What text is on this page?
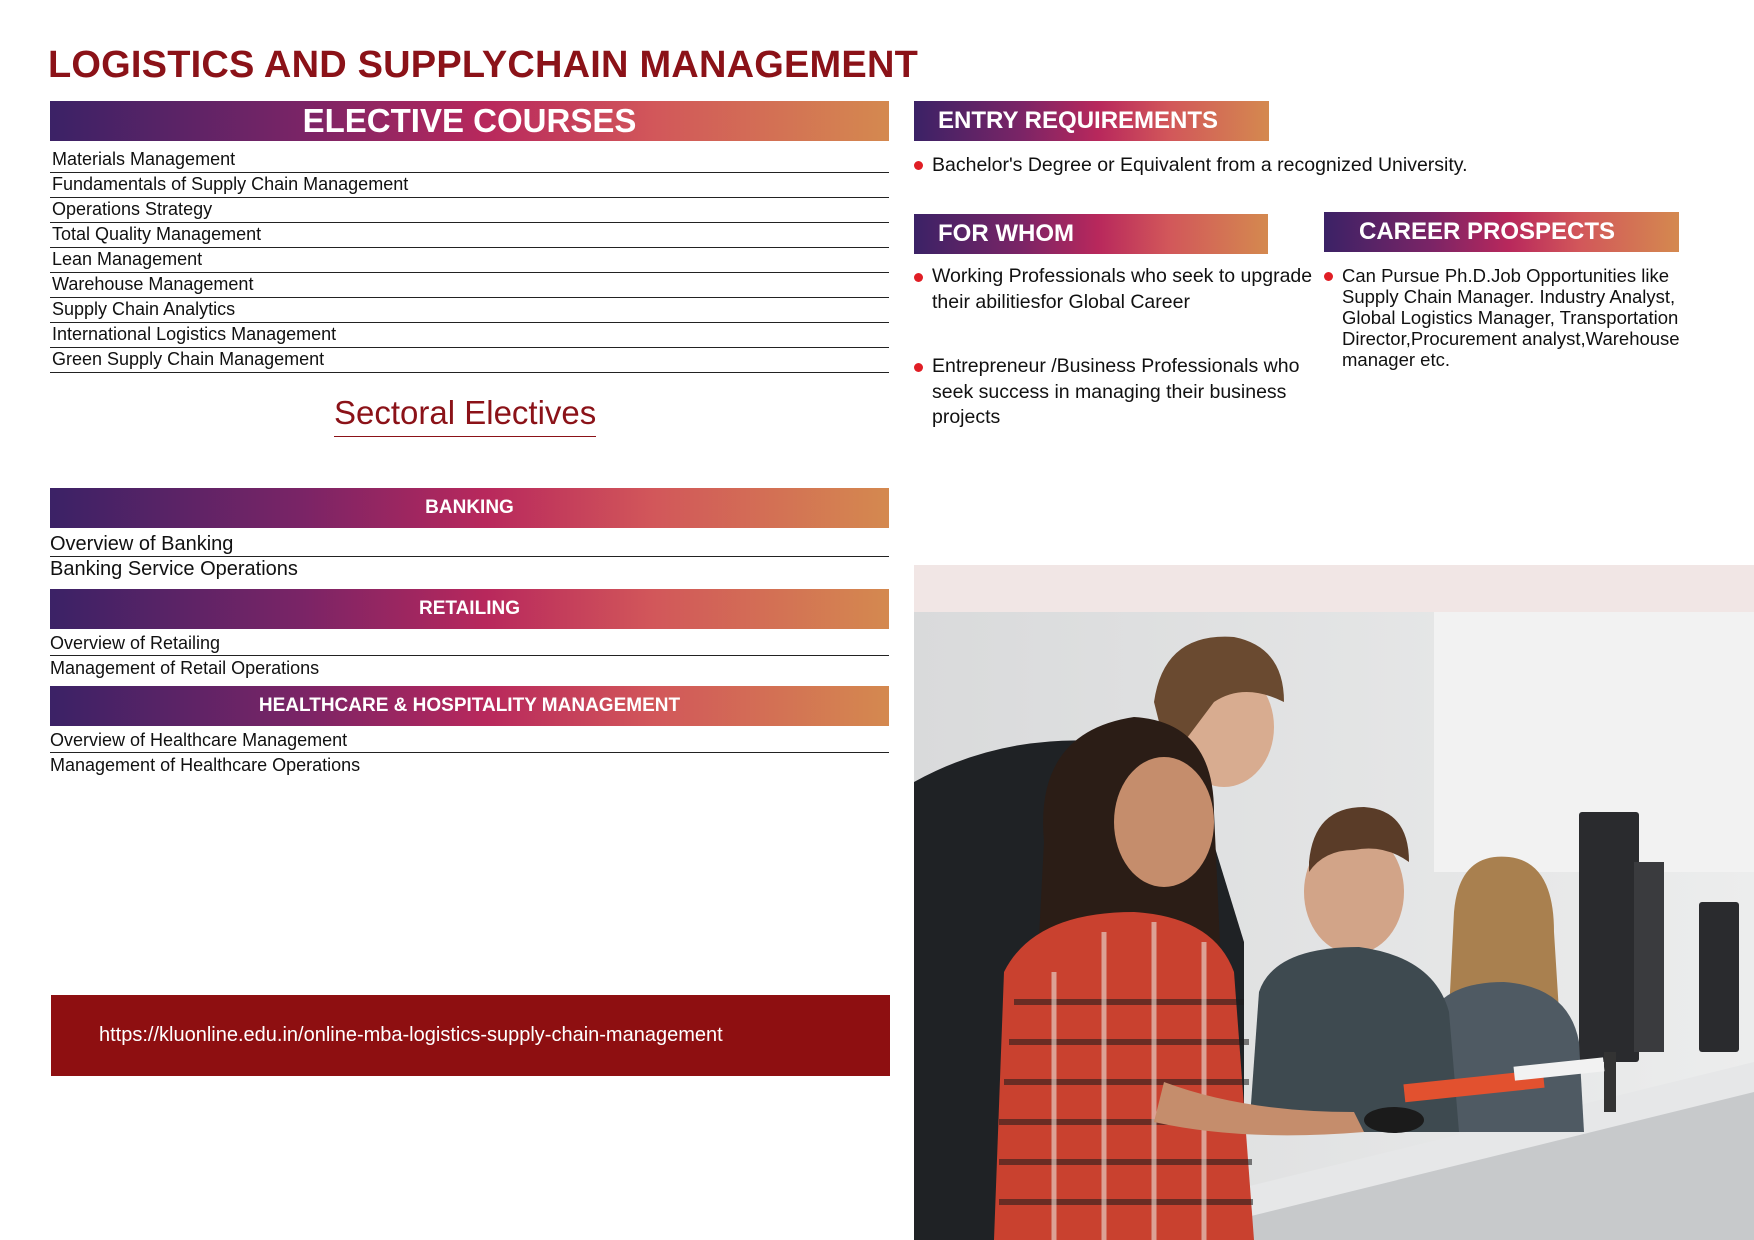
LOGISTICS AND SUPPLYCHAIN MANAGEMENT
ELECTIVE COURSES
Materials Management
Fundamentals of Supply Chain Management
Operations Strategy
Total Quality Management
Lean Management
Warehouse Management
Supply Chain Analytics
International Logistics Management
Green Supply Chain Management
Sectoral Electives
BANKING
Overview of Banking
Banking Service Operations
RETAILING
Overview of Retailing
Management of Retail Operations
HEALTHCARE & HOSPITALITY MANAGEMENT
Overview of Healthcare Management
Management of Healthcare Operations
https://kluonline.edu.in/online-mba-logistics-supply-chain-management
ENTRY REQUIREMENTS
Bachelor's Degree or Equivalent from a recognized University.
FOR WHOM
Working Professionals who seek to upgrade their abilitiesfor Global Career
Entrepreneur /Business Professionals who seek success in managing their business projects
CAREER PROSPECTS
Can Pursue Ph.D.Job Opportunities like Supply Chain Manager. Industry Analyst, Global Logistics Manager, Transportation Director,Procurement analyst,Warehouse manager etc.
